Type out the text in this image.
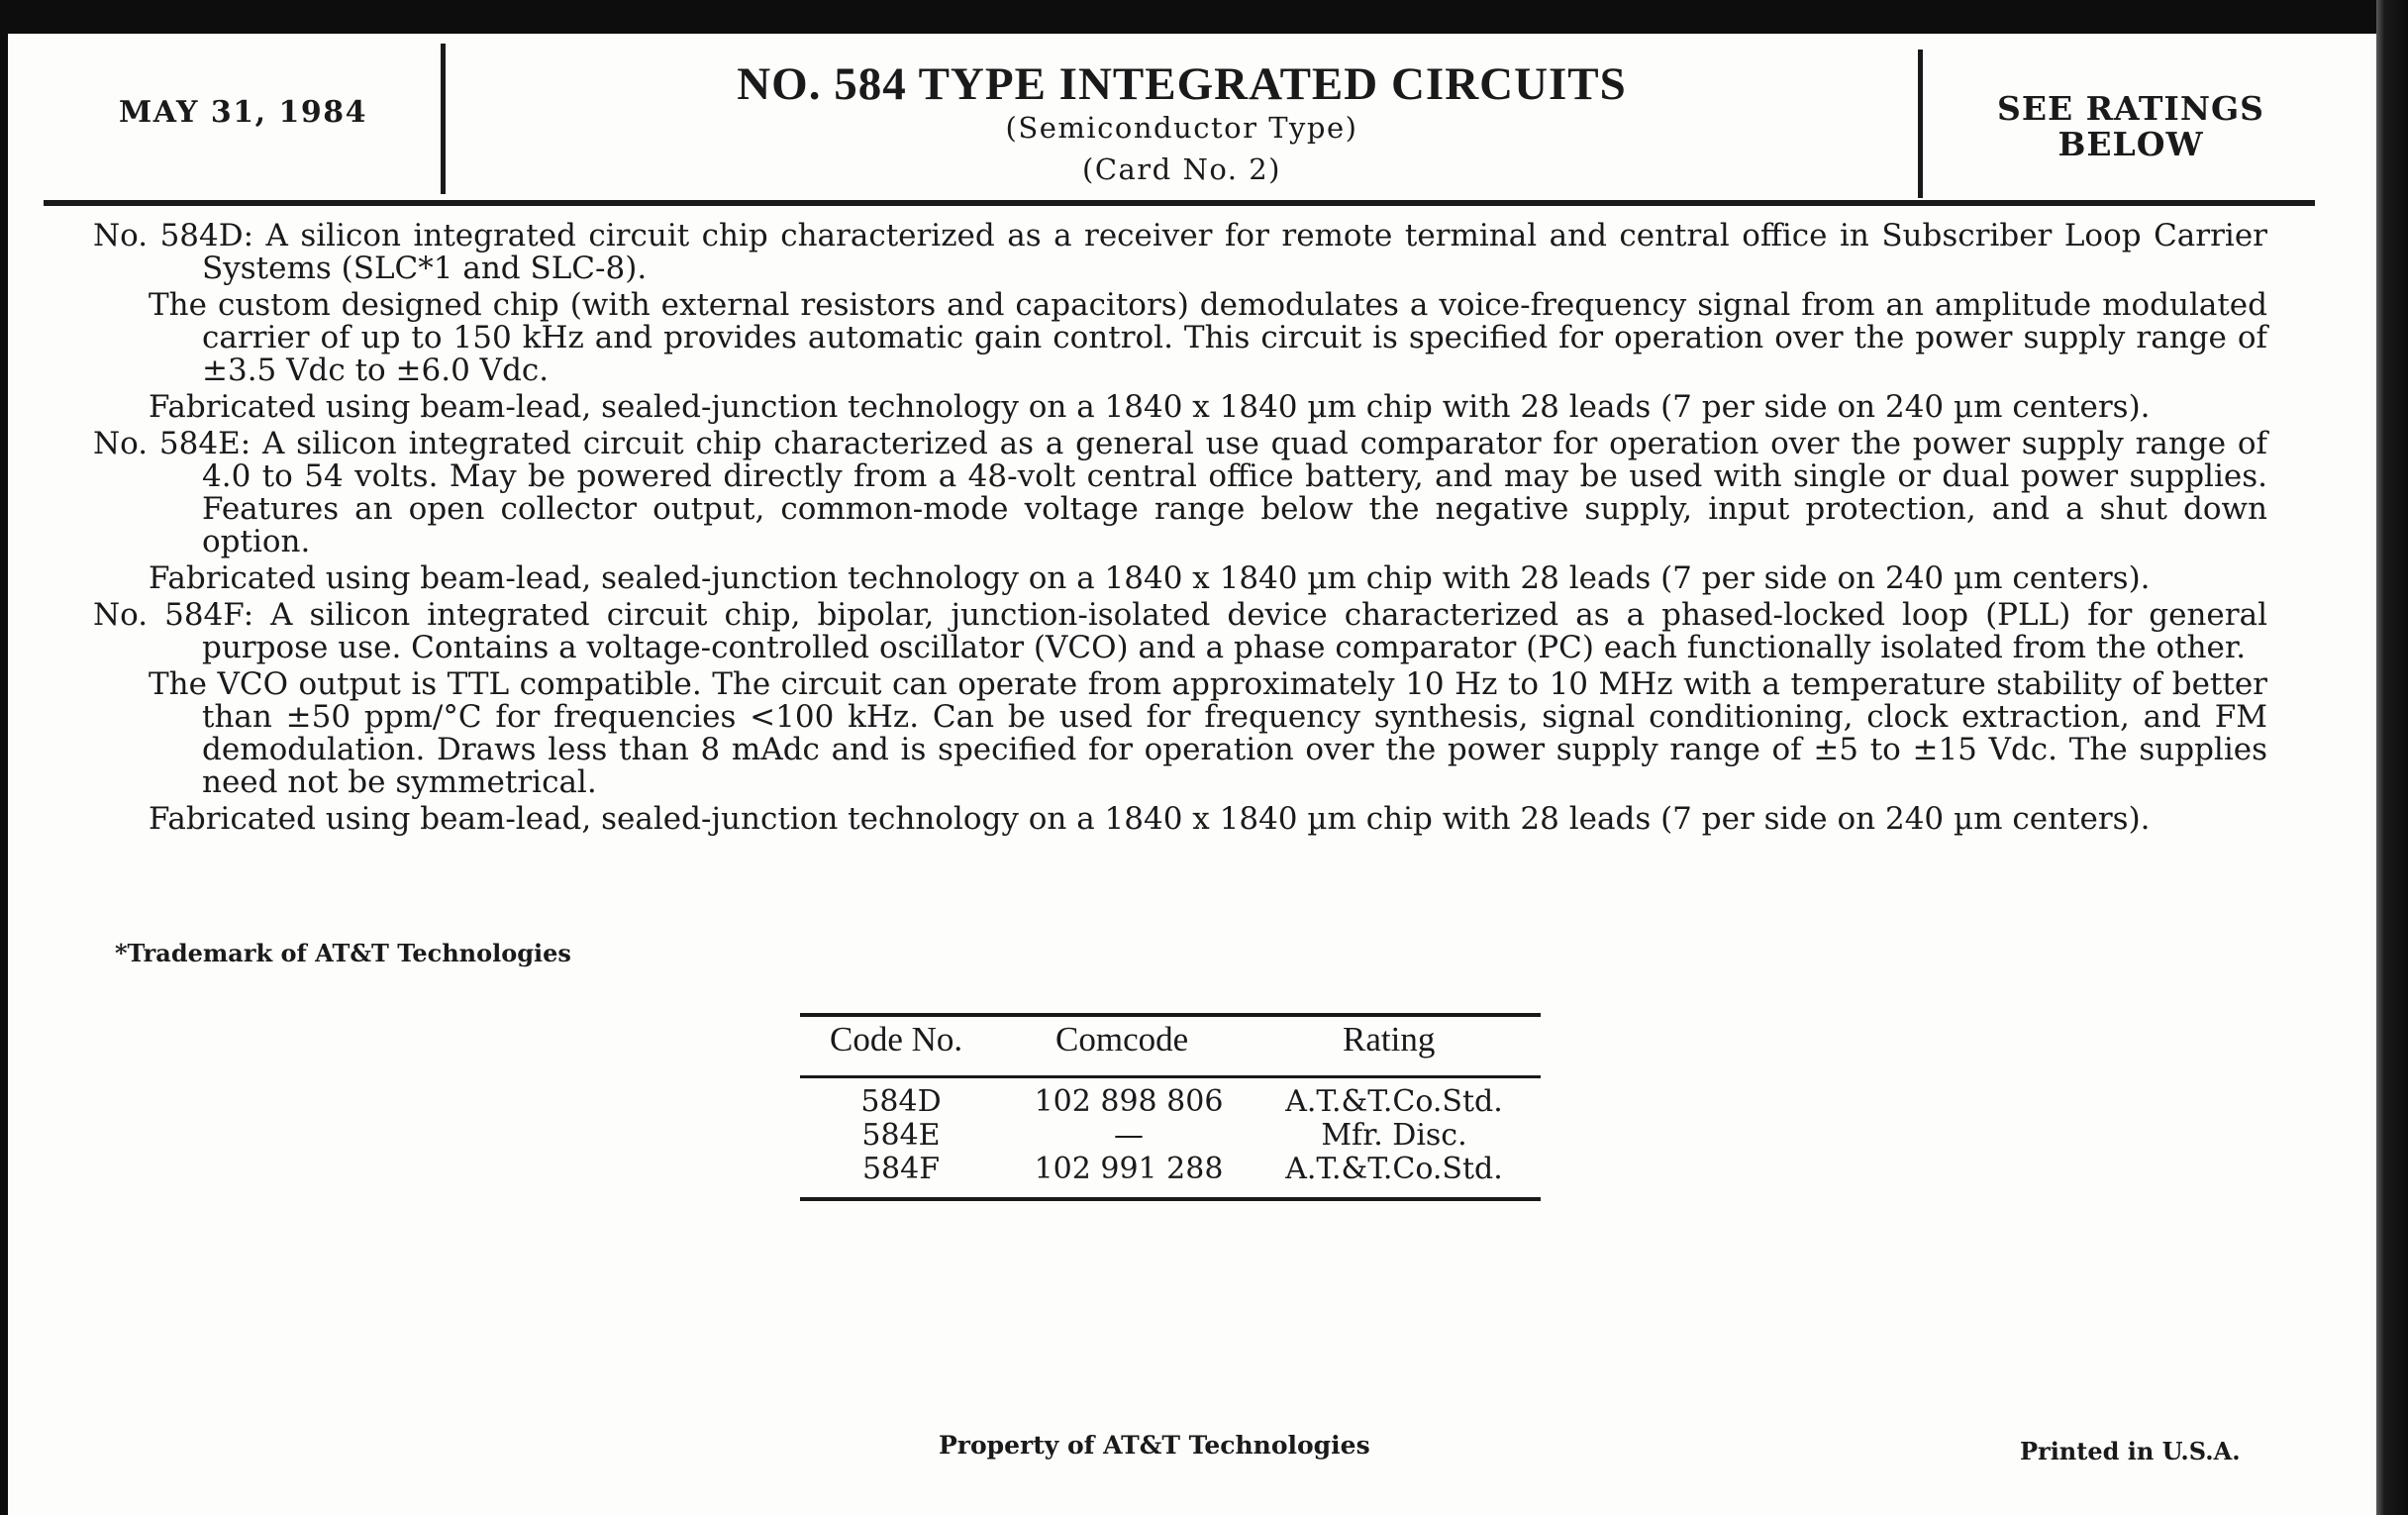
MAY 31, 1984
NO. 584 TYPE INTEGRATED CIRCUITS
(Semiconductor Type)
(Card No. 2)
SEE RATINGS
BELOW

No. 584D: A silicon integrated circuit chip characterized as a receiver for remote terminal and central office in Subscriber Loop Carrier Systems (SLC*1 and SLC-8).

The custom designed chip (with external resistors and capacitors) demodulates a voice-frequency signal from an amplitude modulated carrier of up to 150 kHz and provides automatic gain control. This circuit is specified for operation over the power supply range of ±3.5 Vdc to ±6.0 Vdc.

Fabricated using beam-lead, sealed-junction technology on a 1840 x 1840 µm chip with 28 leads (7 per side on 240 µm centers).

No. 584E: A silicon integrated circuit chip characterized as a general use quad comparator for operation over the power supply range of 4.0 to 54 volts. May be powered directly from a 48-volt central office battery, and may be used with single or dual power supplies. Features an open collector output, common-mode voltage range below the negative supply, input protection, and a shut down option.

Fabricated using beam-lead, sealed-junction technology on a 1840 x 1840 µm chip with 28 leads (7 per side on 240 µm centers).

No. 584F: A silicon integrated circuit chip, bipolar, junction-isolated device characterized as a phased-locked loop (PLL) for general purpose use. Contains a voltage-controlled oscillator (VCO) and a phase comparator (PC) each functionally isolated from the other.

The VCO output is TTL compatible. The circuit can operate from approximately 10 Hz to 10 MHz with a temperature stability of better than ±50 ppm/°C for frequencies <100 kHz. Can be used for frequency synthesis, signal conditioning, clock extraction, and FM demodulation. Draws less than 8 mAdc and is specified for operation over the power supply range of ±5 to ±15 Vdc. The supplies need not be symmetrical.

Fabricated using beam-lead, sealed-junction technology on a 1840 x 1840 µm chip with 28 leads (7 per side on 240 µm centers).

*Trademark of AT&T Technologies
Code No.	Comcode	Rating
584D	102 898 806	A.T.&T.Co.Std.
584E	—	Mfr. Disc.
584F	102 991 288	A.T.&T.Co.Std.
Property of AT&T Technologies	Printed in U.S.A.
